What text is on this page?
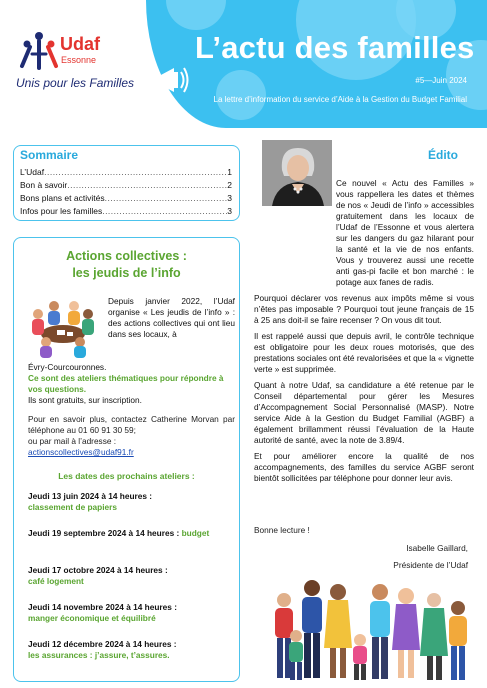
L’actu des familles
#5—Juin 2024
La lettre d’information du service d’Aide à la Gestion du Budget Familial
Udaf
Essonne
Unis pour les Familles
Sommaire
L’Udaf .....	1
Bon à savoir .....	2
Bons plans et activités .....	3
Infos pour les familles .....	3
Actions collectives :
les jeudis de l’info

Depuis janvier 2022, l’Udaf organise « Les jeudis de l’info » : des actions collectives qui ont lieu dans ses locaux, à

Évry-Courcouronnes.

Ce sont des ateliers thématiques pour répondre à vos questions.

Ils sont gratuits, sur inscription.

Pour en savoir plus, contactez Catherine Morvan par téléphone au 01 60 91 30 59;

ou par mail à l’adresse :

actionscollectives@udaf91.fr

Les dates des prochains ateliers :
Jeudi 13 juin 2024 à 14 heures :
classement de papiers
Jeudi 19 septembre 2024 à 14 heures : budget
Jeudi 17 octobre 2024 à 14 heures :
café logement
Jeudi 14 novembre 2024 à 14 heures :
manger économique et équilibré
Jeudi 12 décembre 2024 à 14 heures :
les assurances : j’assure, t’assures.
Édito

Ce nouvel « Actu des Familles » vous rappellera les dates et thèmes de nos « Jeudi de l’info » accessibles gratuitement dans les locaux de l’Udaf de l’Essonne et vous alertera sur les dangers du gaz hilarant pour la santé et la vie de nos enfants. Vous y trouverez aussi une recette anti gas-pi facile et bon marché : le potage aux fanes de radis.

Pourquoi déclarer vos revenus aux impôts même si vous n’êtes pas imposable ? Pourquoi tout jeune français de 15 à 25 ans doit-il se faire recenser ? On vous dit tout.

Il est rappelé aussi que depuis avril, le contrôle technique est obligatoire pour les deux roues motorisés, que des prestations sociales ont été revalorisées et que la « vignette verte » est supprimée.

Quant à notre Udaf, sa candidature a été retenue par le Conseil départemental pour gérer les Mesures d’Accompagnement Social Personnalisé (MASP). Notre service Aide à la Gestion du Budget Familial (AGBF) a également brillamment réussi l’évaluation de la Haute autorité de santé, avec la note de 3.89/4.

Et pour améliorer encore la qualité de nos accompagnements, des familles du service AGBF seront bientôt sollicitées par téléphone pour donner leur avis.

Bonne lecture !
Isabelle Gaillard,
Présidente de l’Udaf
